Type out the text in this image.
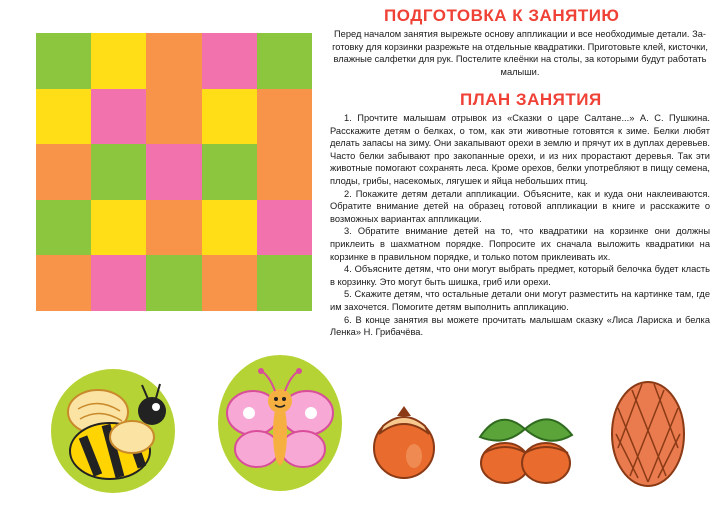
ПОДГОТОВКА К ЗАНЯТИЮ

Перед началом занятия вырежьте основу аппликации и все необходимые детали. За-

готовку для корзинки разрежьте на отдельные квадратики. Приготовьте клей, кисточки,

влажные салфетки для рук. Постелите клеёнки на столы, за которыми будут работать

малыши.

ПЛАН ЗАНЯТИЯ

1. Прочтите малышам отрывок из «Сказки о царе Салтане...» А. С. Пушкина. Расскажите детям о белках, о том, как эти животные готовятся к зиме. Белки любят делать запасы на зиму. Они закапывают орехи в землю и прячут их в дуплах деревьев. Часто белки забывают про закопанные орехи, и из них прорастают деревья. Так эти животные помогают сохранять леса. Кроме орехов, белки употребляют в пищу семена, плоды, грибы, насекомых, лягушек и яйца небольших птиц.

2. Покажите детям детали аппликации. Объясните, как и куда они наклеиваются. Обратите внимание детей на образец готовой аппликации в книге и расскажите о возможных вариантах аппликации.

3. Обратите внимание детей на то, что квадратики на корзинке они должны приклеить в шахматном порядке. Попросите их сначала выложить квадратики на корзинке в правильном порядке, и только потом приклеивать их.

4. Объясните детям, что они могут выбрать предмет, который белочка будет класть в корзинку. Это могут быть шишка, гриб или орехи.

5. Скажите детям, что остальные детали они могут разместить на картинке там, где им захочется. Помогите детям выполнить аппликацию.

6. В конце занятия вы можете прочитать малышам сказку «Лиса Лариска и белка Ленка» Н. Грибачёва.
